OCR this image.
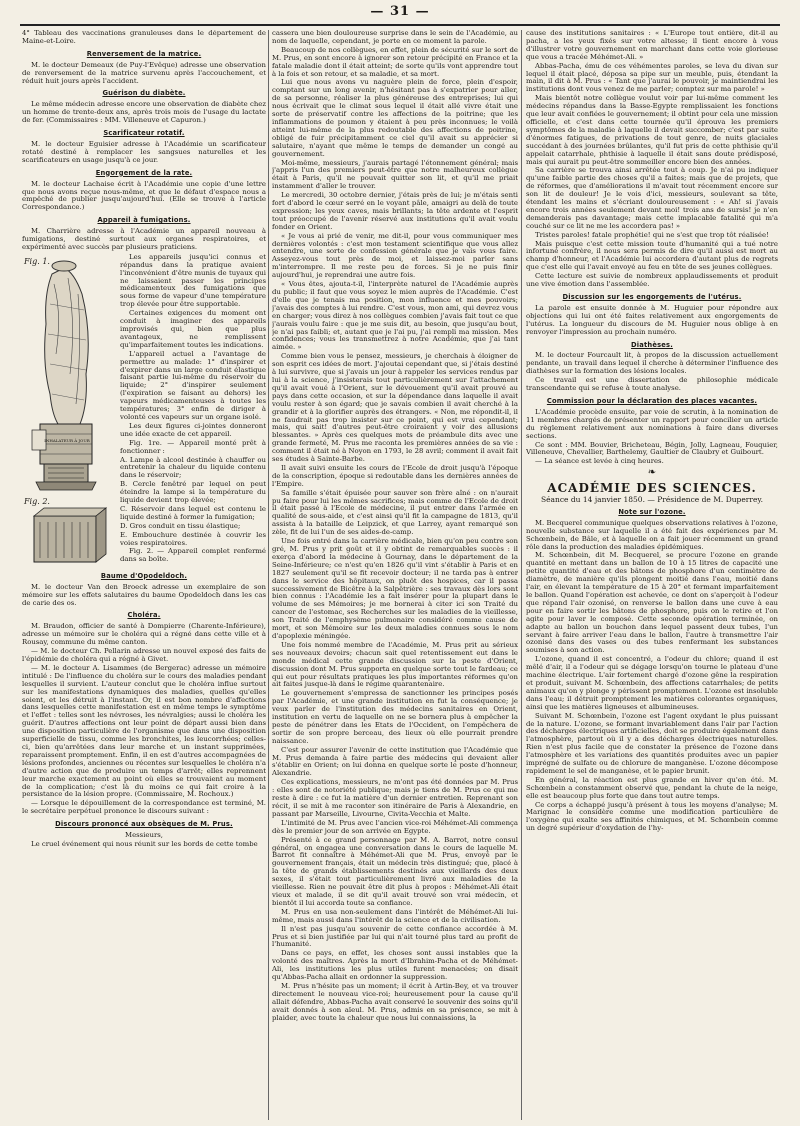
— 31 —

4° Tableau des vaccinations granuleuses dans le département de Maine-et-Loire.

Renversement de la matrice.

M. le docteur Demeaux (de Puy-l'Evêque) adresse une observation de renversement de la matrice survenu après l'accouchement, et réduit huit jours après l'accident.

Guérison du diabète.

Le même médecin adresse encore une observation de diabète chez un homme de trente-deux ans, après trois mois de l'usage du lactate de fer. (Commissaires : MM. Villeneuve et Capuron.)

Scarificateur rotatif.

M. le docteur Eguisier adresse à l'Académie un scarificateur rotaté destiné à remplacer les sangsues naturelles et les scarificateurs en usage jusqu'à ce jour.

Engorgement de la rate.

M. le docteur Lachaise écrit à l'Académie une copie d'une lettre que nous avons reçue nous-même, et que le défaut d'espace nous a empêché de publier jusqu'aujourd'hui. (Elle se trouve à l'article Correspondance.)

Appareil à fumigations.

M. Charrière adresse à l'Académie un appareil nouveau à fumigations, destiné surtout aux organes respiratoires, et expérimenté avec succès par plusieurs praticiens.

Fig. 1.
INHALATEUR À JOUR
Fig. 2.

Les appareils jusqu'ici connus et répandus dans la pratique avaient l'inconvénient d'être munis de tuyaux qui ne laissaient passer les principes médicamenteux des fumigations que sous forme de vapeur d'une température trop élevée pour être supportable.

Certaines exigences du moment ont conduit à imaginer des appareils improvisés qui, bien que plus avantageux, ne remplissent qu'imparfaitement toutes les indications.

L'appareil actuel a l'avantage de permettre au malade: 1° d'inspirer et d'expirer dans un large conduit élastique faisant partie lui-même du réservoir du liquide; 2° d'inspirer seulement (l'expiration se faisant au dehors) les vapeurs médicamenteuses à toutes les températures; 3° enfin de diriger à volonté ces vapeurs sur un organe isolé.

Les deux figures ci-jointes donneront une idée exacte de cet appareil.

Fig. 1re. — Appareil monté prêt à fonctionner :

A. Lampe à alcool destinée à chauffer ou entretenir la chaleur du liquide contenu dans le réservoir;

B. Cercle fenêtré par lequel on peut éteindre la lampe si la température du liquide devient trop élevée;

C. Réservoir dans lequel est contenu le liquide destiné à former la fumigation;

D. Gros conduit en tissu élastique;

E. Embouchure destinée à couvrir les voies respiratoires.

Fig. 2. — Appareil complet renfermé dans sa boîte.

Baume d'Opodeldoch.

M. le docteur Van den Broeck adresse un exemplaire de son mémoire sur les effets salutaires du baume Opodeldoch dans les cas de carie des os.

Choléra.

M. Braudon, officier de santé à Dompierre (Charente-Inférieure), adresse un mémoire sur le choléra qui a régné dans cette ville et à Rousay, commune du même canton.

— M. le docteur Ch. Pellarin adresse un nouvel exposé des faits de l'épidémie de choléra qui a régné à Givet.

— M. le docteur A. Lisammes (de Bergerac) adresse un mémoire intitulé : De l'influence du choléra sur le cours des maladies pendant lesquelles il survient. L'auteur conclut que le choléra influe surtout sur les manifestations dynamiques des maladies, quelles qu'elles soient, et les détruit à l'instant. Or, il est bon nombre d'affections dans lesquelles cette manifestation est en même temps le symptôme et l'effet : telles sont les névroses, les névralgies; aussi le choléra les guérit. D'autres affections ont leur point de départ aussi bien dans une disposition particulière de l'organisme que dans une disposition superficielle de tissu, comme les bronchites, les leucorrhées; celles-ci, bien qu'arrêtées dans leur marche et un instant supprimées, reparaissent promptement. Enfin, il en est d'autres accompagnées de lésions profondes, anciennes ou récentes sur lesquelles le choléra n'a d'autre action que de produire un temps d'arrêt; elles reprennent leur marche exactement au point où elles se trouvaient au moment de la complication; c'est là du moins ce qui fait croire à la persistance de la lésion propre. (Commissaire, M. Rochoux.)

— Lorsque le dépouillement de la correspondance est terminé, M. le secrétaire perpétuel prononce le discours suivant :

Discours prononcé aux obsèques de M. Prus.

Messieurs,

Le cruel événement qui nous réunit sur les bords de cette tombe

cassera une bien douloureuse surprise dans le sein de l'Académie, au nom de laquelle, cependant, je porte en ce moment la parole.

Beaucoup de nos collègues, en effet, plein de sécurité sur le sort de M. Prus, en sont encore à ignorer son retour précipité en France et la fatale maladie dont il était atteint; de sorte qu'ils vont apprendre tout à la fois et son retour, et sa maladie, et sa mort.

Lui que nous avons vu naguère plein de force, plein d'espoir, comptant sur un long avenir, n'hésitant pas à s'expatrier pour aller, de sa personne, réaliser la plus généreuse des entreprises; lui qui nous écrivait que le climat sous lequel il était allé vivre était une sorte de préservatif contre les affections de la poitrine; que les inflammations de poumon y étaient à peu près inconnues; le voilà atteint lui-même de la plus redoutable des affections de poitrine, obligé de fuir précipitamment ce ciel qu'il avait su apprécier si salutaire, n'ayant que même le temps de demander un congé au gouvernement.

Moi-même, messieurs, j'aurais partagé l'étonnement général; mais j'appris l'un des premiers peut-être que notre malheureux collègue était à Paris, qu'il ne pouvait quitter son lit, et qu'il me priait instamment d'aller le trouver.

Le mercredi, 30 octobre dernier, j'étais près de lui; je m'étais senti fort d'abord le cœur serré en le voyant pâle, amaigri au delà de toute expression; les yeux caves, mais brillants; la tête ardente et l'esprit tout préoccupé de l'avenir réservé aux institutions qu'il avait voulu fonder en Orient.

« Je vous ai prié de venir, me dit-il, pour vous communiquer mes dernières volontés : c'est mon testament scientifique que vous allez entendre, une sorte de confession générale que je vais vous faire. Asseyez-vous tout près de moi, et laissez-moi parler sans m'interrompre. Il me reste peu de forces. Si je ne puis finir aujourd'hui, je reprendrai une autre fois.

« Vous êtes, ajouta-t-il, l'interprète naturel de l'Académie auprès du public; il faut que vous soyez le mien auprès de l'Académie. C'est d'elle que je tenais ma position, mon influence et mes pouvoirs; j'avais des comptes à lui rendre. C'est vous, mon ami, qui devrez vous en charger; vous direz à nos collègues combien j'avais fait tout ce que j'aurais voulu faire : que je me suis dit, au besoin, que jusqu'au bout, je n'ai pas faibli; et, autant que je l'ai pu, j'ai rempli ma mission. Mes confidences; vous les transmettrez à notre Académie, que j'ai tant aimée. »

Comme bien vous le pensez, messieurs, je cherchais à éloigner de son esprit ces idées de mort. J'ajoutai cependant que, si j'étais destiné à lui survivre, que si j'avais un jour à rappeler les services rendus par lui à la science, j'insisterais tout particulièrement sur l'attachement qu'il avait voué à l'Orient, sur le dévouement qu'il avait prouvé au pays dans cette occasion, et sur la dépendance dans laquelle il avait voulu rester à son égard; que je savais combien il avait cherché à la grandir et à la glorifier auprès des étrangers. « Non, me répondit-il, il ne faudrait pas trop insister sur ce point, qui est vrai cependant; mais, qui sait! d'autres peut-être croiraient y voir des allusions blessantes. » Après ces quelques mots de préambule dits avec une grande fermeté, M. Prus me raconta les premières années de sa vie : comment il était né à Noyon en 1793, le 28 avril; comment il avait fait ses études à Sainte-Barbe.

Il avait suivi ensuite les cours de l'Ecole de droit jusqu'à l'époque de la conscription, époque si redoutable dans les dernières années de l'Empire.

Sa famille s'était épuisée pour sauver son frère aîné : on n'aurait pu faire pour lui les mêmes sacrifices; mais comme de l'Ecole de droit il était passé à l'Ecole de médecine, il put entrer dans l'armée en qualité de sous-aide, et c'est ainsi qu'il fit la campagne de 1813, qu'il assista à la bataille de Leipzick, et que Larrey, ayant remarqué son zèle, fit de lui l'un de ses aides-de-camp.

Une fois entré dans la carrière médicale, bien qu'on peu contre son gré, M. Prus y prit goût et il y obtint de remarquables succès : il exerça d'abord la médecine à Gournay, dans le département de la Seine-Inférieure; ce n'est qu'en 1826 qu'il vint s'établir à Paris et en 1827 seulement qu'il se fit recevoir docteur; il ne tarda pas à entrer dans le service des hôpitaux, on pluôt des hospices, car il passa successivement de Bicêtre à la Salpêtrière : ses travaux dès lors sont bien connus : l'Académie les a fait insérer pour la plupart dans le volume de ses Mémoires; je me bornerai à citer ici son Traité du cancer de l'estomac, ses Recherches sur les maladies de la vieillesse, son Traité de l'emphysème pulmonaire considéré comme cause de mort, et son Mémoire sur les deux maladies connues sous le nom d'apoplexie méningée.

Une fois nommé membre de l'Académie, M. Prus prit au sérieux ses nouveaux devoirs; chacun sait quel retentissement eut dans le monde médical cette grande discussion sur la peste d'Orient, discussion dont M. Prus supporta en quelque sorte tout le fardeau; ce qui eut pour résultats pratiques les plus importantes réformes qu'on ait faites jusque-là dans le régime quarantenaire.

Le gouvernement s'empressa de sanctionner les principes posés par l'Académie, et une grande institution en fut la conséquence; je veux parler de l'institution des médecins sanitaires en Orient, institution en vertu de laquelle on ne se bornera plus à empêcher la peste de pénétrer dans les Etats de l'Occident, on l'empêchera de sortir de son propre berceau, des lieux où elle pourrait prendre naissance.

C'est pour assurer l'avenir de cette institution que l'Académie que M. Prus demanda à faire partie des médecins qui devaient aller s'établir en Orient; on lui donna en quelque sorte le poste d'honneur, Alexandrie.

Ces explications, messieurs, ne m'ont pas été données par M. Prus : elles sont de notoriété publique; mais je tiens de M. Prus ce qui me reste à dire : ce fut la matière d'un dernier entretien. Reprenant son récit, il se mit à me raconter son itinéraire de Paris à Alexandrie, en passant par Marseille, Livourne, Civita-Vecchia et Malte.

L'intimité de M. Prus avec l'ancien vice-roi Méhémet-Ali commença dès le premier jour de son arrivée en Egypte.

Présenté à ce grand personnage par M. A. Barrot, notre consul général, on engagea une conversation dans le cours de laquelle M. Barrot fit connaître à Méhémet-Ali que M. Prus, envoyé par le gouvernement français, était un médecin très distingué; que, placé à la tête de grands établissements destinés aux vieillards des deux sexes, il s'était tout particulièrement livré aux maladies de la vieillesse. Rien ne pouvait être dit plus à propos : Méhémet-Ali était vieux et malade, il se dit qu'il avait trouvé son vrai médecin, et bientôt il lui accorda toute sa confiance.

M. Prus en usa non-seulement dans l'intérêt de Méhémet-Ali lui-même, mais aussi dans l'intérêt de la science et de la civilisation.

Il n'est pas jusqu'au souvenir de cette confiance accordée à M. Prus et si bien justifiée par lui qui n'ait tourné plus tard au profit de l'humanité.

Dans ce pays, en effet, les choses sont aussi instables que la volonté des maîtres. Après la mort d'Ibrahim-Pacha et de Méhémet-Ali, les institutions les plus utiles furent menacées; on disait qu'Abbas-Pacha allait en ordonner la suppression.

M. Prus n'hésite pas un moment; il écrit à Artin-Bey, et va trouver directement le nouveau vice-roi; heureusement pour la cause qu'il allait défendre, Abbas-Pacha avait conservé le souvenir des soins qu'il avait donnés à son aïeul. M. Prus, admis en sa présence, se mit à plaider, avec toute la chaleur que nous lui connaissions, la

cause des institutions sanitaires : « L'Europe tout entière, dit-il au pacha, a les yeux fixés sur votre altesse; il tient encore à vous d'illustrer votre gouvernement en marchant dans cette voie glorieuse que vous a tracée Méhémet-Ali. »

Abbas-Pacha, ému de ces véhémentes paroles, se leva du divan sur lequel il était placé, déposa sa pipe sur un meuble, puis, étendant la main, il dit à M. Prus : « Tant que j'aurai le pouvoir, je maintiendrai les institutions dont vous venez de me parler; comptez sur ma parole! »

Mais bientôt notre collègue voulut voir par lui-même comment les médecins répandus dans la Basse-Egypte remplissaient les fonctions que leur avait confiées le gouvernement; il obtint pour cela une mission officielle, et c'est dans cette tournée qu'il éprouva les premiers symptômes de la maladie à laquelle il devait succomber; c'est par suite d'énormes fatigues, de privations de tout genre, de nuits glaciales succédant à des journées brûlantes, qu'il fut pris de cette phthisie qu'il appelait catarrhale, phthisie à laquelle il était sans doute prédisposé, mais qui aurait pu peut-être sommeiller encore bien des années.

Sa carrière se trouva ainsi arrêtée tout à coup. Je n'ai pu indiquer qu'une faible partie des choses qu'il a faites; mais que de projets, que de réformes, que d'améliorations il m'avait tout récemment encore sur son lit de douleur! Je le vois d'ici, messieurs, soulevant sa tête, étendant les mains et s'écriant douloureusement : « Ah! si j'avais encore trois années seulement devant moi! trois ans de sursis! je n'en demanderais pas davantage; mais cette implacable fatalité qui m'a couché sur ce lit ne me les accordera pas! »

Tristes paroles! fatale prophétie! qui ne s'est que trop tôt réalisée!

Mais puisque c'est cette mission toute d'humanité qui a tué notre infortuné confrère, il nous sera permis de dire qu'il aussi est mort au champ d'honneur, et l'Académie lui accordera d'autant plus de regrets que c'est elle qui l'avait envoyé au feu en tête de ses jeunes collègues.

Cette lecture est suivie de nombreux applaudissements et produit une vive émotion dans l'assemblée.

Discussion sur les engorgements de l'utérus.

La parole est ensuite donnée à M. Huguier pour répondre aux objections qui lui ont été faites relativement aux engorgements de l'utérus. La longueur du discours de M. Huguier nous oblige à en renvoyer l'impression au prochain numéro.

Diathèses.

M. le docteur Fourcault lit, à propos de la discussion actuellement pendante, un travail dans lequel il cherche à déterminer l'influence des diathèses sur la formation des lésions locales.

Ce travail est une dissertation de philosophie médicale transcendante qui se refuse à toute analyse.

Commission pour la déclaration des places vacantes.

L'Académie procède ensuite, par voie de scrutin, à la nomination de 11 membres chargés de présenter un rapport pour concilier un article du règlement relativement aux nominations à faire dans diverses sections.

Ce sont : MM. Bouvier, Bricheteau, Bégin, Jolly, Lagneau, Fouquier, Villeneuve, Chevallier, Barthelemy, Gaultier de Claubry et Guibourt.

— La séance est levée à cinq heures.

❧
ACADÉMIE DES SCIENCES.
Séance du 14 janvier 1850. — Présidence de M. Duperrey.
Note sur l'ozone.

M. Becquerel communique quelques observations relatives à l'ozone, nouvelle substance sur laquelle il a été fait des expériences par M. Schœnbein, de Bâle, et à laquelle on a fait jouer récemment un grand rôle dans la production des maladies épidémiques.

M. Schœnbein, dit M. Becquerel, se procure l'ozone en grande quantité en mettant dans un ballon de 10 à 15 litres de capacité une petite quantité d'eau et des bâtons de phosphore d'un centimètre de diamètre, de manière qu'ils plongent moitié dans l'eau, moitié dans l'air, en élevant la température de 15 à 20° et fermant imparfaitement le ballon. Quand l'opération est achevée, ce dont on s'aperçoit à l'odeur que répand l'air ozonisé, on renverse le ballon dans une cuve à eau pour en faire sortir les bâtons de phosphore, puis on le retire et l'on agite pour laver le composé. Cette seconde opération terminée, on adapte au ballon un bouchon dans lequel passent deux tubes, l'un servant à faire arriver l'eau dans le ballon, l'autre à transmettre l'air ozonisé dans des vases ou des tubes renfermant les substances soumises à son action.

L'ozone, quand il est concentré, a l'odeur du chlore; quand il est mêlé d'air, il a l'odeur qui se dégage lorsqu'on tourne le plateau d'une machine électrique. L'air fortement chargé d'ozone gêne la respiration et produit, suivant M. Schœnbein, des affections catarrhales; de petits animaux qu'on y plonge y périssent promptement. L'ozone est insoluble dans l'eau; il détruit promptement les matières colorantes organiques, ainsi que les matières ligneuses et albumineuses.

Suivant M. Schœnbein, l'ozone est l'agent oxydant le plus puissant de la nature. L'ozone, se formant invariablement dans l'air par l'action des décharges électriques artificielles, doit se produire également dans l'atmosphère, partout où il y a des décharges électriques naturelles. Rien n'est plus facile que de constater la présence de l'ozone dans l'atmosphère et les variations des quantités produites avec un papier imprégné de sulfate ou de chlorure de manganèse. L'ozone décompose rapidement le sel de manganèse, et le papier brunit.

En général, la réaction est plus grande en hiver qu'en été. M. Schœnbein a constamment observé que, pendant la chute de la neige, elle est beaucoup plus forte que dans tout autre temps.

Ce corps a échappé jusqu'à présent à tous les moyens d'analyse; M. Marignac le considère comme une modification particulière de l'oxygène qui exalte ses affinités chimiques, et M. Schœnbein comme un degré supérieur d'oxydation de l'hy-
